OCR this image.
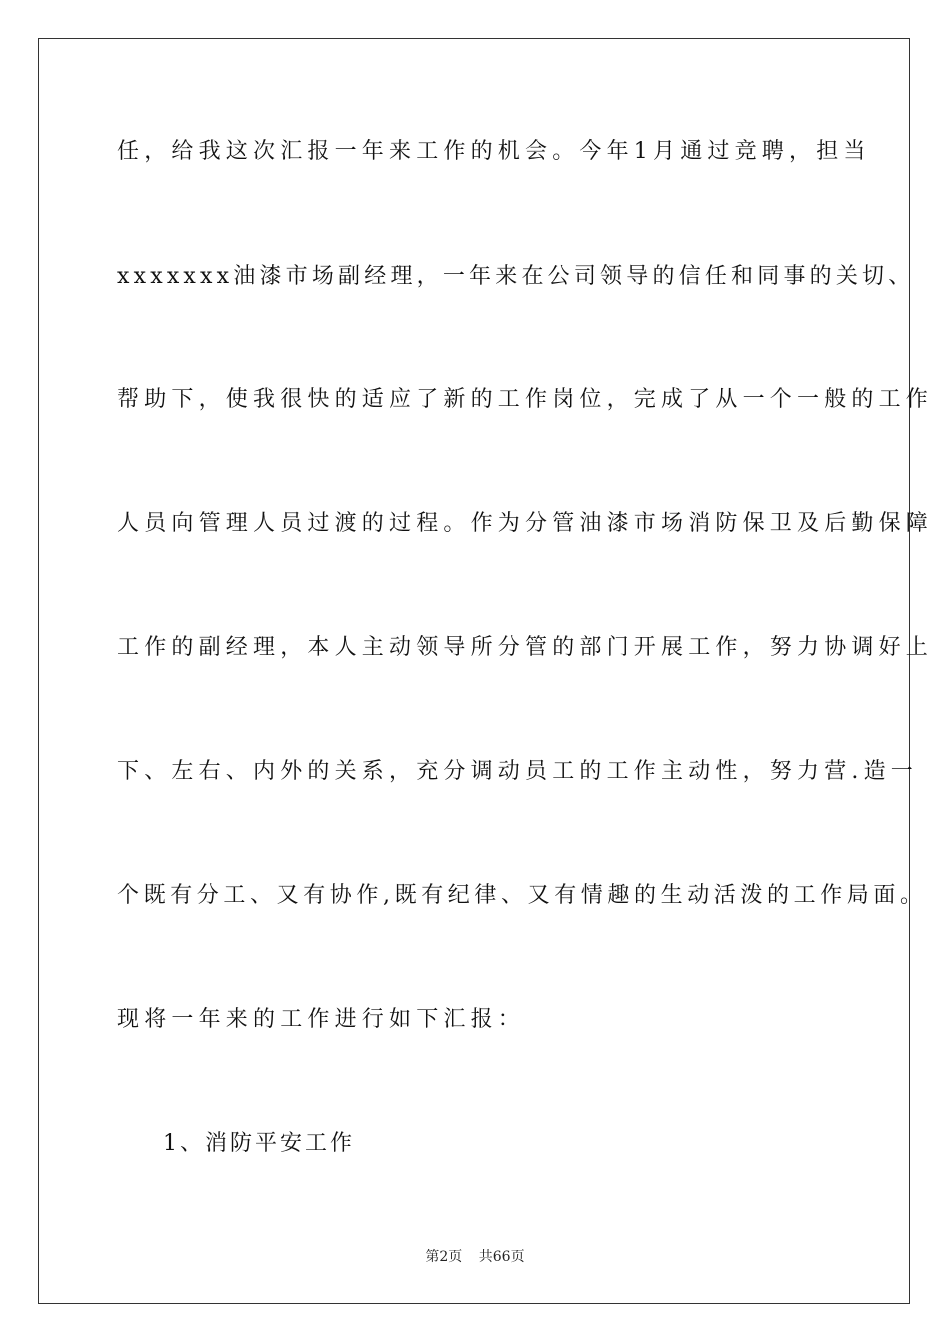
任，给我这次汇报一年来工作的机会。今年1月通过竞聘，担当
xxxxxxx油漆市场副经理，一年来在公司领导的信任和同事的关切、
帮助下，使我很快的适应了新的工作岗位，完成了从一个一般的工作
人员向管理人员过渡的过程。作为分管油漆市场消防保卫及后勤保障
工作的副经理，本人主动领导所分管的部门开展工作，努力协调好上
下、左右、内外的关系，充分调动员工的工作主动性，努力营.造一
个既有分工、又有协作,既有纪律、又有情趣的生动活泼的工作局面。
现将一年来的工作进行如下汇报：
1、消防平安工作
第2页 共66页
